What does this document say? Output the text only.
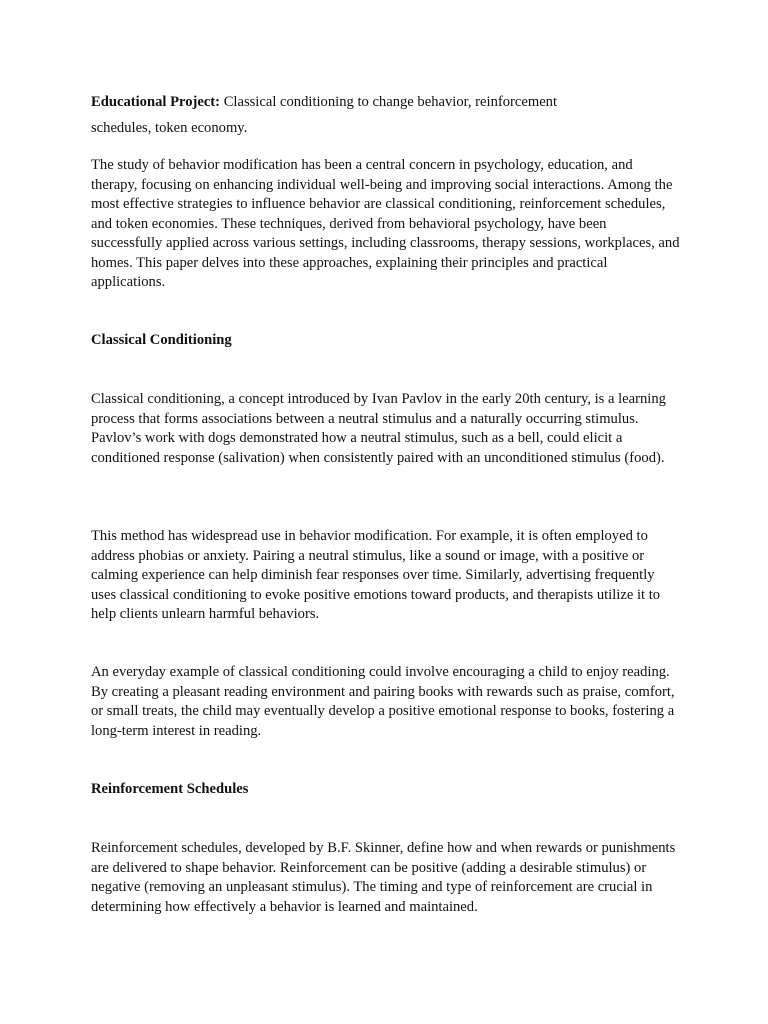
Educational Project: Classical conditioning to change behavior, reinforcement

schedules, token economy.

The study of behavior modification has been a central concern in psychology, education, and therapy, focusing on enhancing individual well-being and improving social interactions. Among the most effective strategies to influence behavior are classical conditioning, reinforcement schedules, and token economies. These techniques, derived from behavioral psychology, have been successfully applied across various settings, including classrooms, therapy sessions, workplaces, and homes. This paper delves into these approaches, explaining their principles and practical applications.

Classical Conditioning

Classical conditioning, a concept introduced by Ivan Pavlov in the early 20th century, is a learning process that forms associations between a neutral stimulus and a naturally occurring stimulus. Pavlov’s work with dogs demonstrated how a neutral stimulus, such as a bell, could elicit a conditioned response (salivation) when consistently paired with an unconditioned stimulus (food).

This method has widespread use in behavior modification. For example, it is often employed to address phobias or anxiety. Pairing a neutral stimulus, like a sound or image, with a positive or calming experience can help diminish fear responses over time. Similarly, advertising frequently uses classical conditioning to evoke positive emotions toward products, and therapists utilize it to help clients unlearn harmful behaviors.

An everyday example of classical conditioning could involve encouraging a child to enjoy reading. By creating a pleasant reading environment and pairing books with rewards such as praise, comfort, or small treats, the child may eventually develop a positive emotional response to books, fostering a long-term interest in reading.

Reinforcement Schedules

Reinforcement schedules, developed by B.F. Skinner, define how and when rewards or punishments are delivered to shape behavior. Reinforcement can be positive (adding a desirable stimulus) or negative (removing an unpleasant stimulus). The timing and type of reinforcement are crucial in determining how effectively a behavior is learned and maintained.
